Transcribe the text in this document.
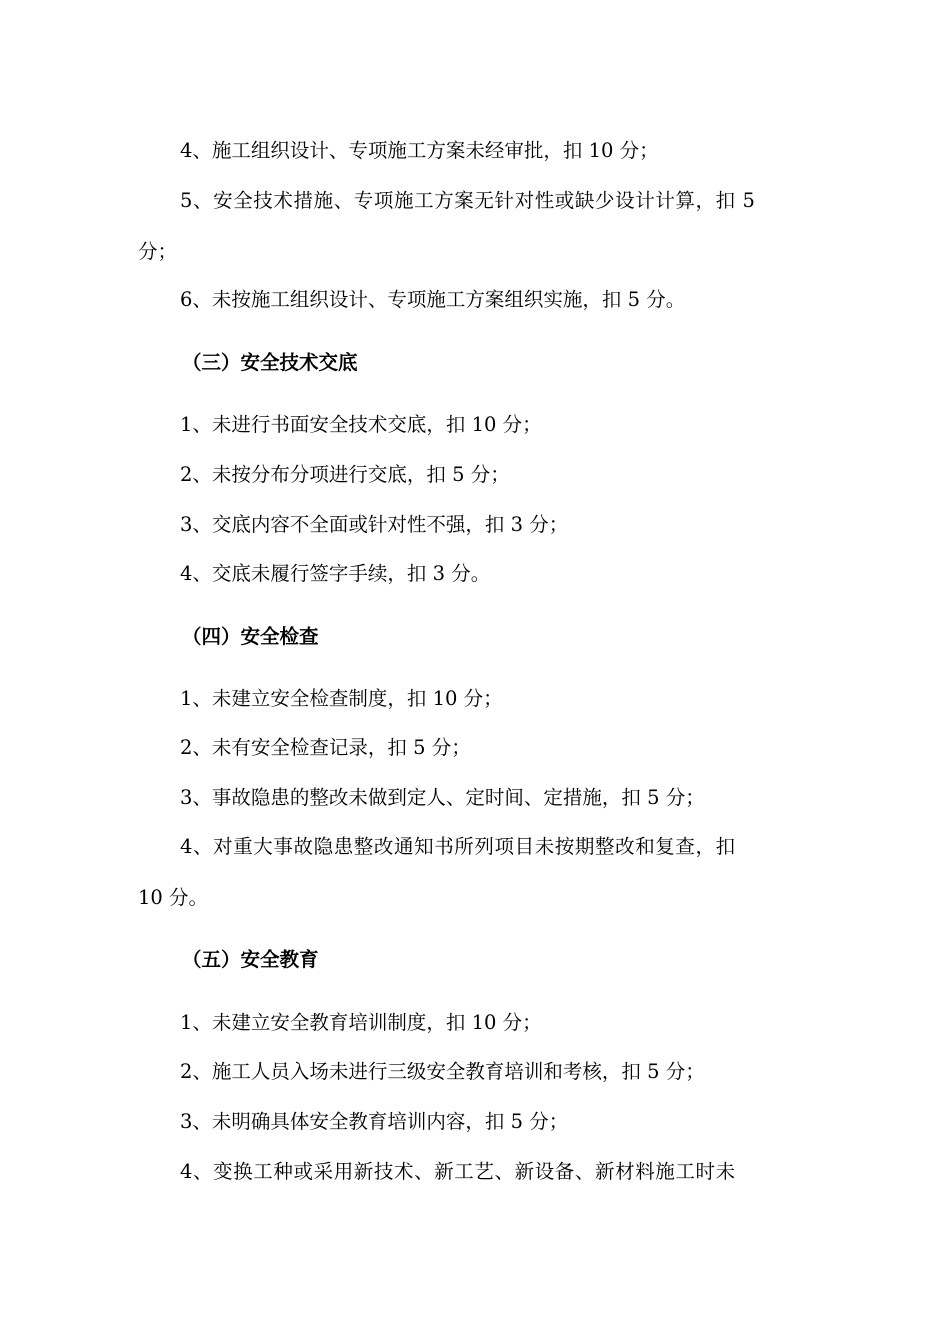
4、施工组织设计、专项施工方案未经审批，扣 10 分；
5、安全技术措施、专项施工方案无针对性或缺少设计计算，扣 5
分；
6、未按施工组织设计、专项施工方案组织实施，扣 5 分。
（三）安全技术交底
1、未进行书面安全技术交底，扣 10 分；
2、未按分布分项进行交底，扣 5 分；
3、交底内容不全面或针对性不强，扣 3 分；
4、交底未履行签字手续，扣 3 分。
（四）安全检查
1、未建立安全检查制度，扣 10 分；
2、未有安全检查记录，扣 5 分；
3、事故隐患的整改未做到定人、定时间、定措施，扣 5 分；
4、对重大事故隐患整改通知书所列项目未按期整改和复查，扣
10 分。
（五）安全教育
1、未建立安全教育培训制度，扣 10 分；
2、施工人员入场未进行三级安全教育培训和考核，扣 5 分；
3、未明确具体安全教育培训内容，扣 5 分；
4、变换工种或采用新技术、新工艺、新设备、新材料施工时未
